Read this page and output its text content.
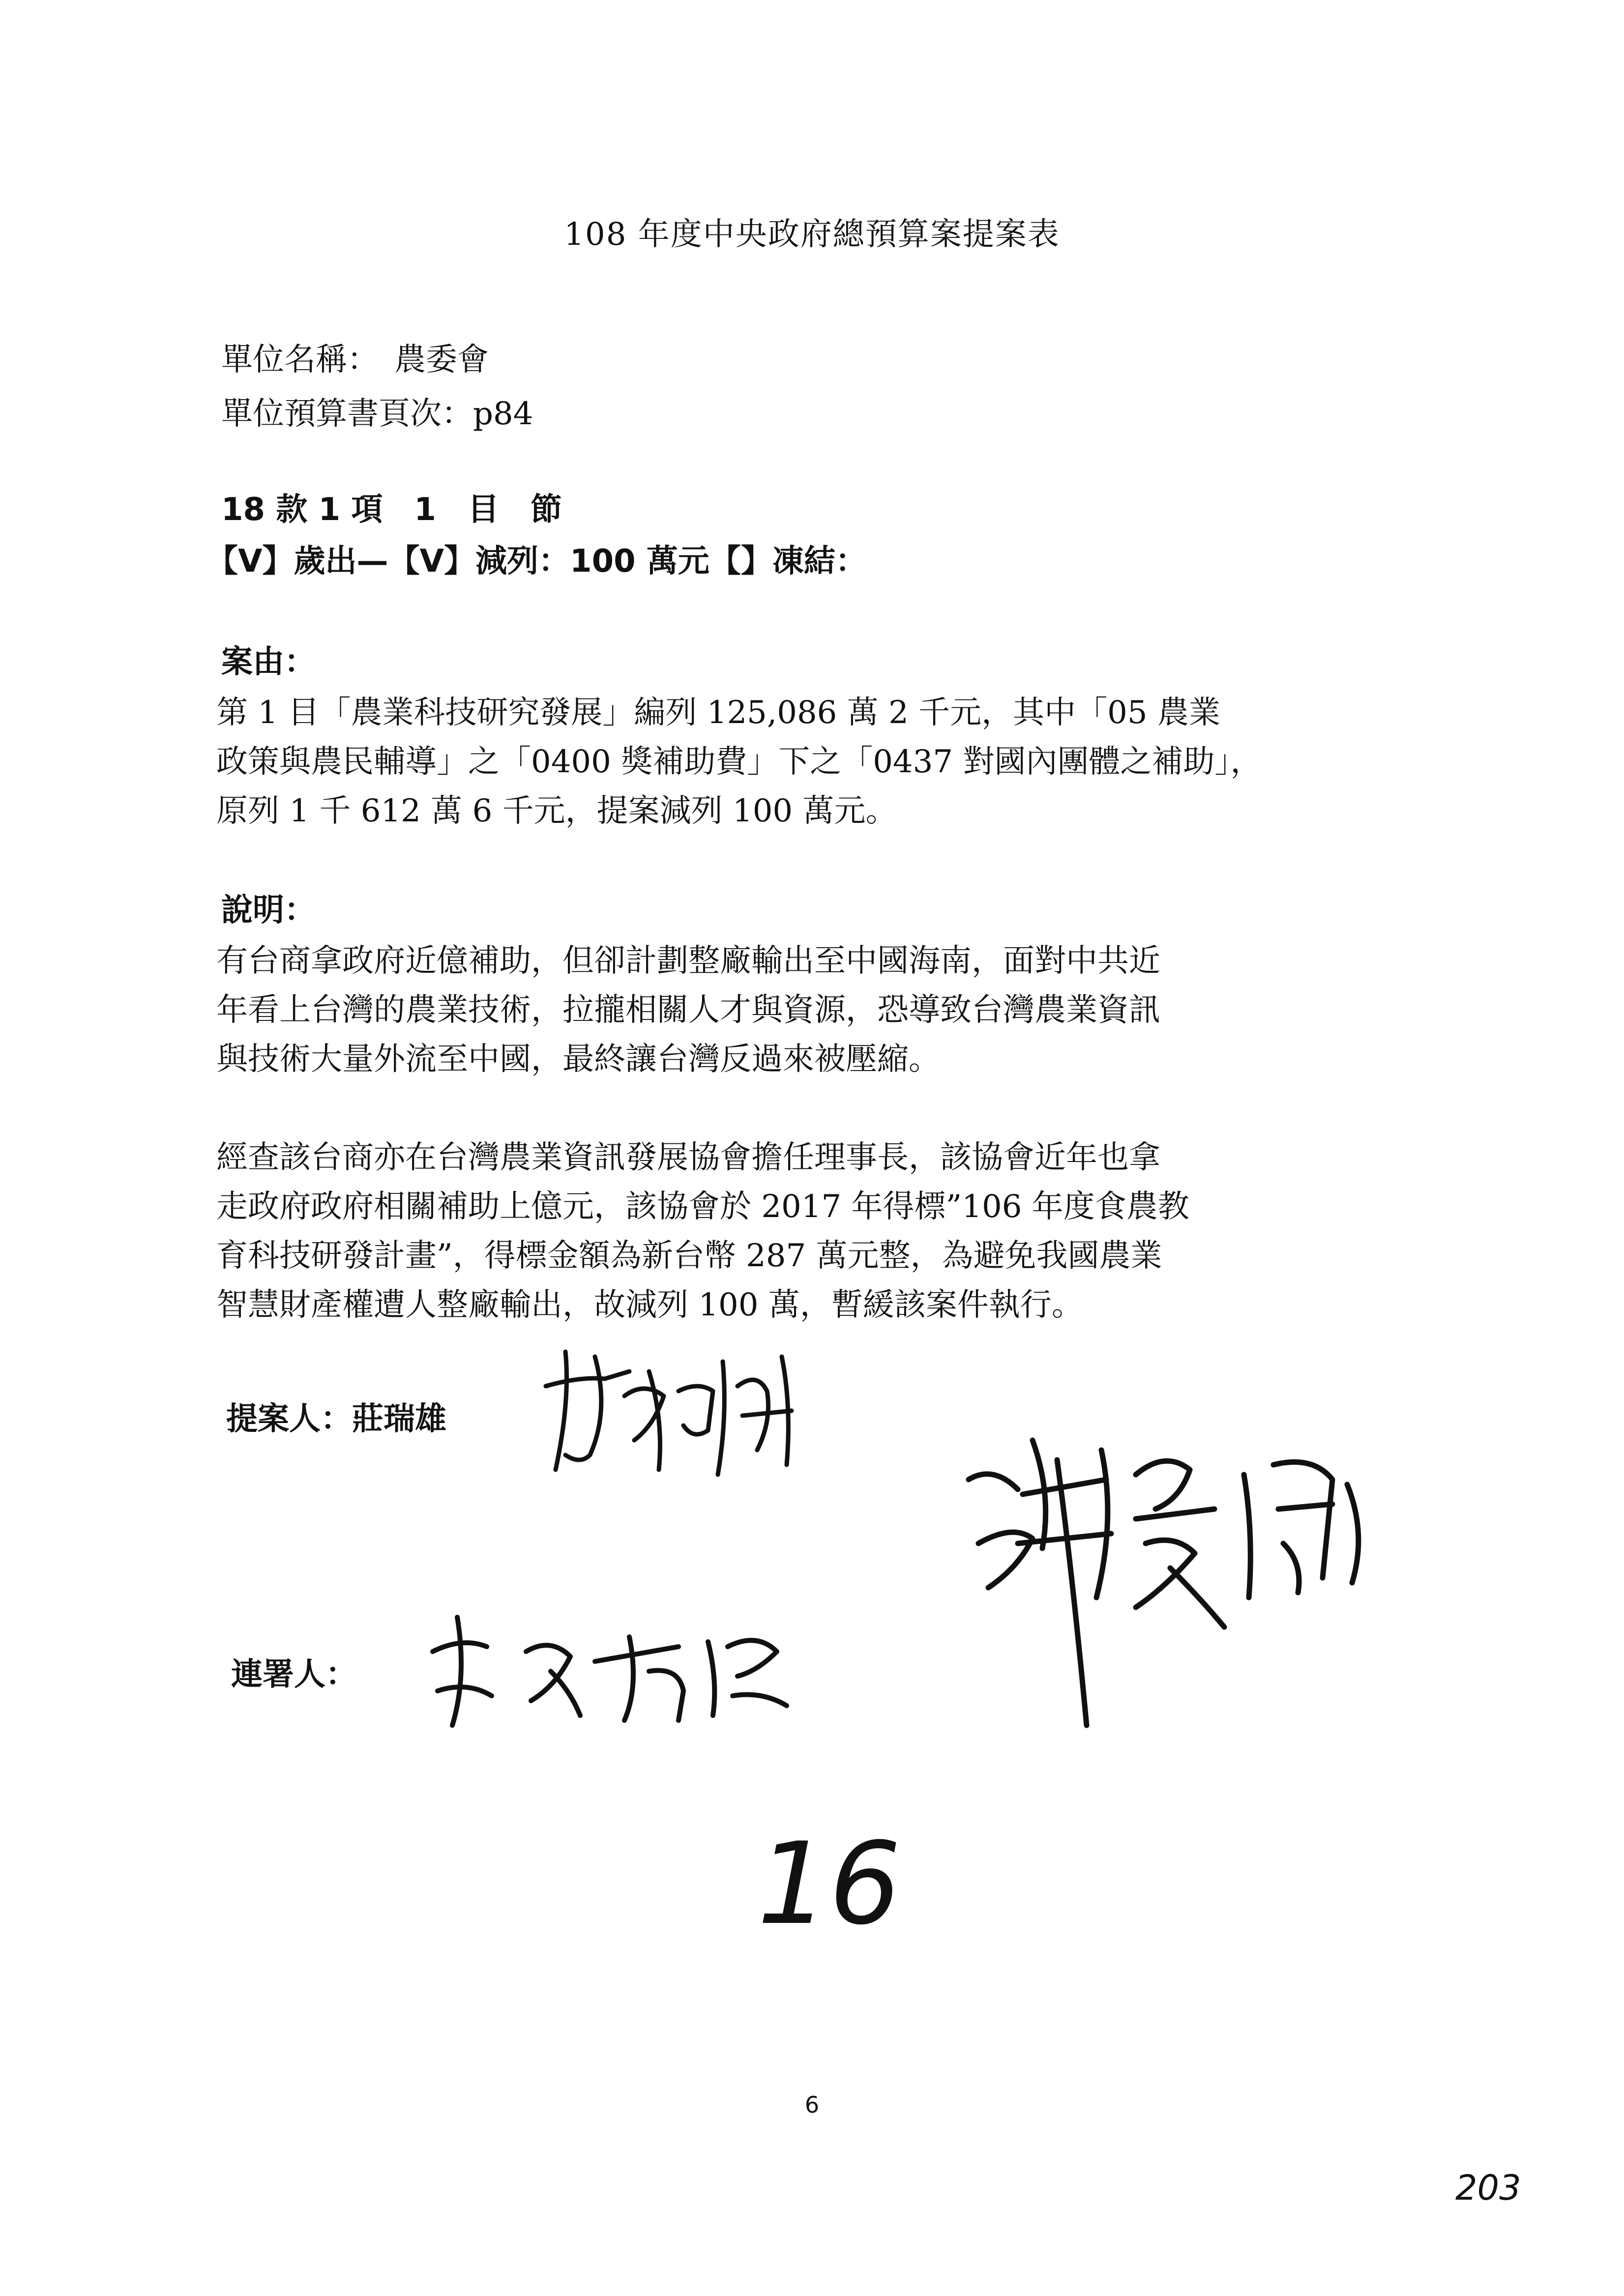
108 年度中央政府總預算案提案表
單位名稱：　農委會
單位預算書頁次：p84
18 款 1 項　1　目　節
【V】歲出—【V】減列：100 萬元【】凍結：
案由：
第 1 目「農業科技研究發展」編列 125,086 萬 2 千元，其中「05 農業
政策與農民輔導」之「0400 獎補助費」下之「0437 對國內團體之補助」，
原列 1 千 612 萬 6 千元，提案減列 100 萬元。
說明：
有台商拿政府近億補助，但卻計劃整廠輸出至中國海南，面對中共近
年看上台灣的農業技術，拉攏相關人才與資源，恐導致台灣農業資訊
與技術大量外流至中國，最終讓台灣反過來被壓縮。
經查該台商亦在台灣農業資訊發展協會擔任理事長，該協會近年也拿
走政府政府相關補助上億元，該協會於 2017 年得標”106 年度食農教
育科技研發計畫”，得標金額為新台幣 287 萬元整，為避免我國農業
智慧財產權遭人整廠輸出，故減列 100 萬，暫緩該案件執行。
提案人：莊瑞雄
連署人：
16
6
203
